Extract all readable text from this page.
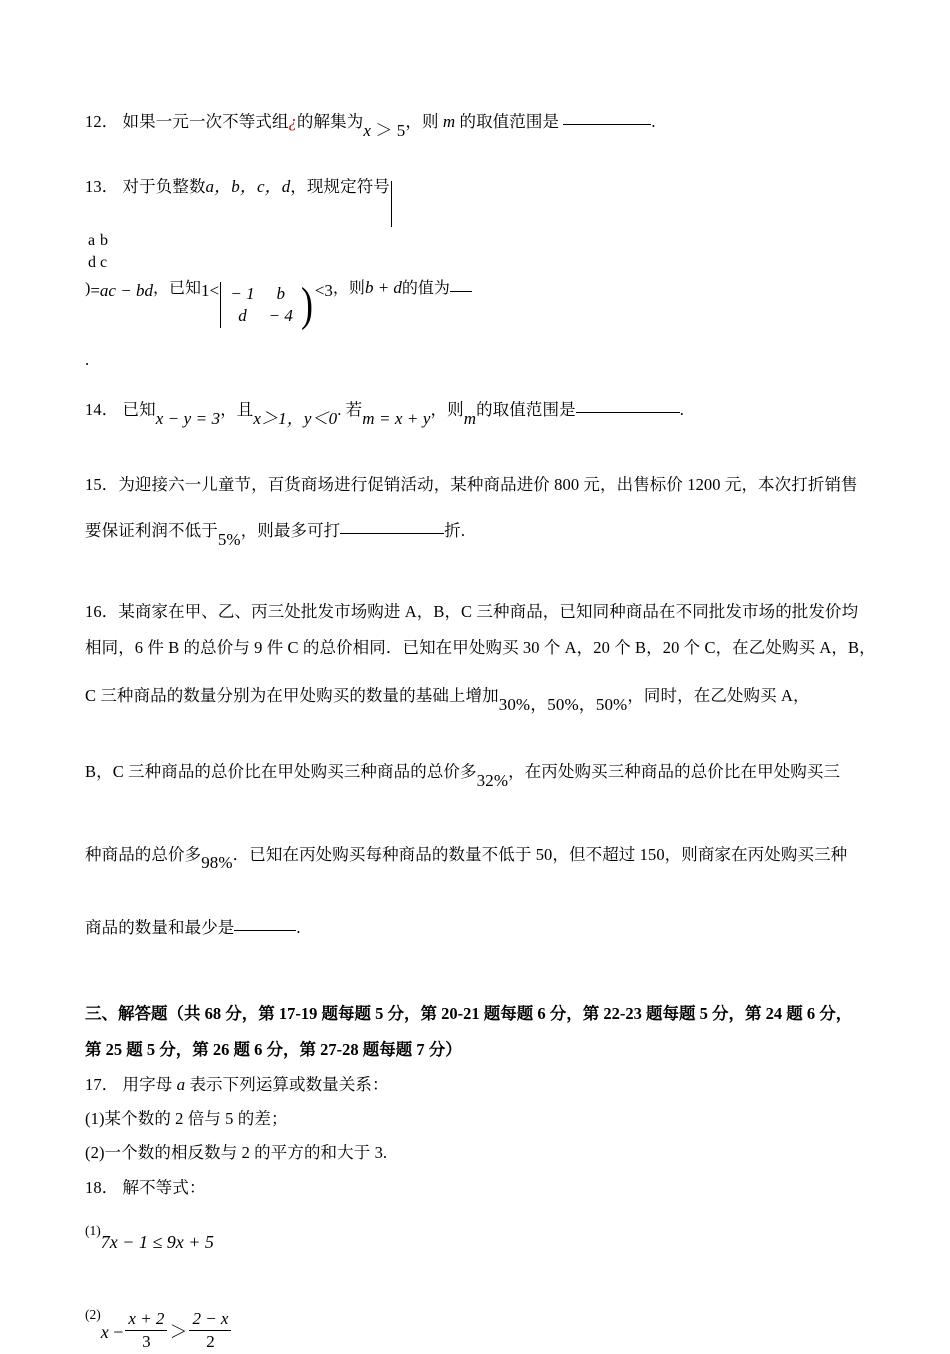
12． 如果一元一次不等式组¿的解集为x ＞ 5，则 m 的取值范围是	.

13． 对于负整数a，b，c，d，现规定符号

a	b
d	c
)=ac − bd，已知1< − 1	b
d	− 4 ) <3，则b + d的值为

.

14． 已知x − y = 3，且x＞1，y＜0. 若m = x + y，则m的取值范围是	.

15．为迎接六一儿童节，百货商场进行促销活动，某种商品进价 800 元，出售标价 1200 元，本次打折销售

要保证利润不低于5%，则最多可打	折.

16．某商家在甲、乙、丙三处批发市场购进 A，B，C 三种商品，已知同种商品在不同批发市场的批发价均

相同，6 件 B 的总价与 9 件 C 的总价相同．已知在甲处购买 30 个 A，20 个 B，20 个 C，在乙处购买 A，B，

C 三种商品的数量分别为在甲处购买的数量的基础上增加30%，50%，50%，同时，在乙处购买 A，

B，C 三种商品的总价比在甲处购买三种商品的总价多32%，在丙处购买三种商品的总价比在甲处购买三

种商品的总价多98%．已知在丙处购买每种商品的数量不低于 50，但不超过 150，则商家在丙处购买三种

商品的数量和最少是	.

三、解答题（共 68 分，第 17-19 题每题 5 分，第 20-21 题每题 6 分，第 22-23 题每题 5 分，第 24 题 6 分，

第 25 题 5 分，第 26 题 6 分，第 27-28 题每题 7 分）

17． 用字母 a 表示下列运算或数量关系：

(1)某个数的 2 倍与 5 的差；

(2)一个数的相反数与 2 的平方的和大于 3.

18． 解不等式：

$^{(1)}$7x − 1 ≤ 9x + 5

$^{(2)}x - \frac{x + 2}{3} > \frac{2 - x}{2}$
